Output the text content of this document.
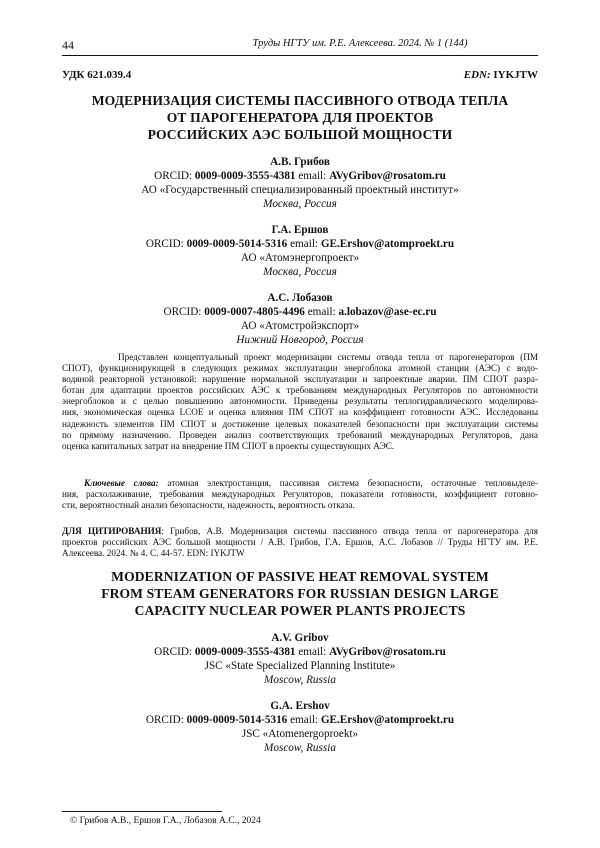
44	Труды НГТУ им. Р.Е. Алексеева. 2024. № 1 (144)
УДК 621.039.4	EDN: IYKJTW
МОДЕРНИЗАЦИЯ СИСТЕМЫ ПАССИВНОГО ОТВОДА ТЕПЛА
ОТ ПАРОГЕНЕРАТОРА ДЛЯ ПРОЕКТОВ
РОССИЙСКИХ АЭС БОЛЬШОЙ МОЩНОСТИ
А.В. Грибов
ORCID: 0009-0009-3555-4381 email: AVyGribov@rosatom.ru
АО «Государственный специализированный проектный институт»
Москва, Россия
Г.А. Ершов
ORCID: 0009-0009-5014-5316 email: GE.Ershov@atomproekt.ru
АО «Атомэнергопроект»
Москва, Россия
А.С. Лобазов
ORCID: 0009-0007-4805-4496 email: a.lobazov@ase-ec.ru
АО «Атомстройэкспорт»
Нижний Новгород, Россия
Представлен концептуальный проект модернизации системы отвода тепла от парогенераторов (ПМ
СПОТ), функционирующей в следующих режимах эксплуатации энергоблока атомной станции (АЭС) с водо-
водяной реакторной установкой: нарушение нормальной эксплуатации и запроектные аварии. ПМ СПОТ разра-
ботан для адаптации проектов российских АЭС к требованиям международных Регуляторов по автономности
энергоблоков и с целью повышению автономности. Приведены результаты теплогидравлического моделирова-
ния, экономическая оценка LCOE и оценка влияния ПМ СПОТ на коэффициент готовности АЭС. Исследованы
надежность элементов ПМ СПОТ и достижение целевых показателей безопасности при эксплуатации системы
по прямому назначению. Проведен анализ соответствующих требований международных Регуляторов, дана
оценка капитальных затрат на внедрение ПМ СПОТ в проекты существующих АЭС.
Ключевые слова: атомная электростанция, пассивная система безопасности, остаточные тепловыделе-
ния, расхолаживание, требования международных Регуляторов, показатели готовности, коэффициент готовно-
сти, вероятностный анализ безопасности, надежность, вероятность отказа.
ДЛЯ ЦИТИРОВАНИЯ: Грибов, А.В. Модернизация системы пассивного отвода тепла от парогенератора для
проектов российских АЭС большой мощности / А.В. Грибов, Г.А. Ершов, А.С. Лобазов // Труды НГТУ им. Р.Е.
Алексеева. 2024. № 4. С. 44-57. EDN: IYKJTW
MODERNIZATION OF PASSIVE HEAT REMOVAL SYSTEM
FROM STEAM GENERATORS FOR RUSSIAN DESIGN LARGE
CAPACITY NUCLEAR POWER PLANTS PROJECTS
A.V. Gribov
ORCID: 0009-0009-3555-4381 email: AVyGribov@rosatom.ru
JSC «State Specialized Planning Institute»
Moscow, Russia
G.A. Ershov
ORCID: 0009-0009-5014-5316 email: GE.Ershov@atomproekt.ru
JSC «Atomenergoproekt»
Moscow, Russia
© Грибов А.В., Ершов Г.А., Лобазов А.С., 2024
